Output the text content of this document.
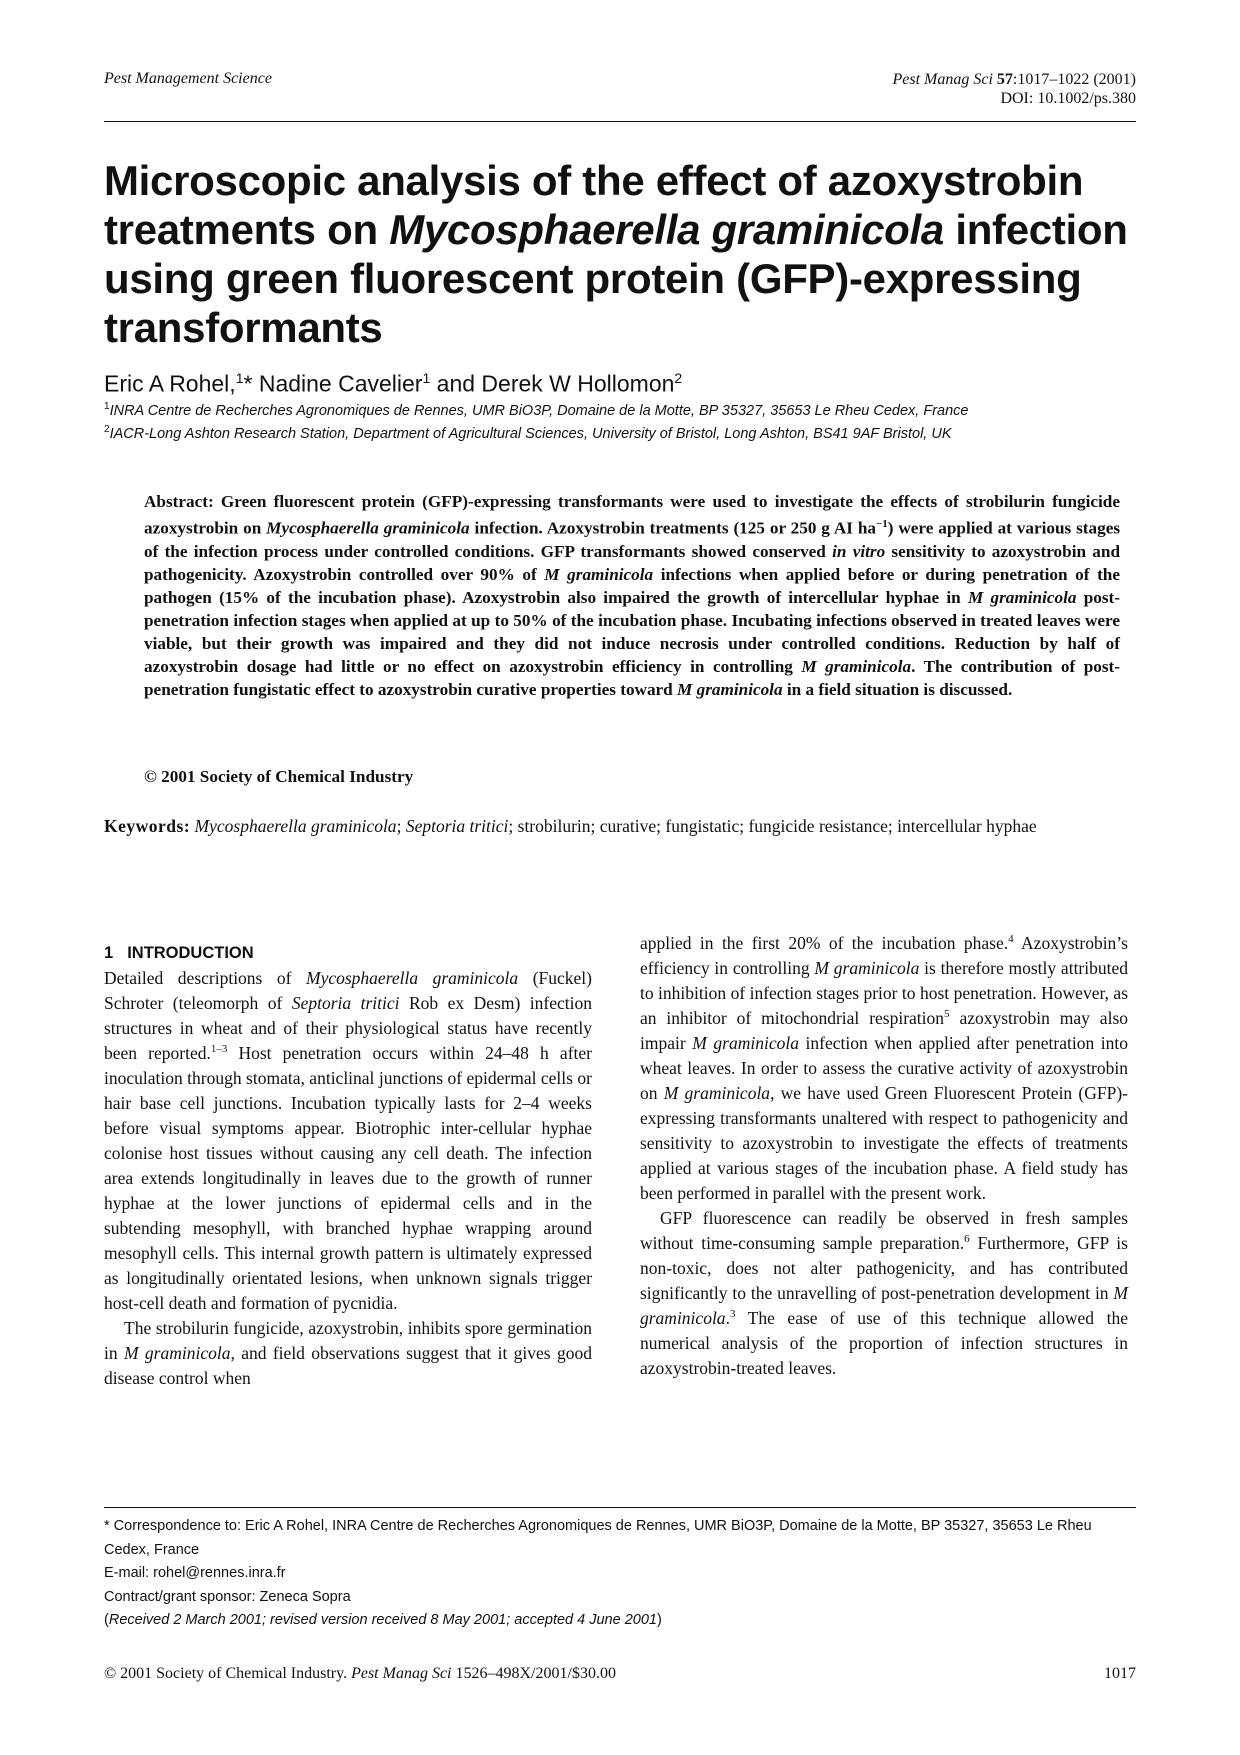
Pest Management Science	Pest Manag Sci 57:1017–1022 (2001)
DOI: 10.1002/ps.380
Microscopic analysis of the effect of azoxystrobin treatments on Mycosphaerella graminicola infection using green fluorescent protein (GFP)-expressing transformants
Eric A Rohel,$^1$* Nadine Cavelier$^1$ and Derek W Hollomon$^2$
$^1$INRA Centre de Recherches Agronomiques de Rennes, UMR BiO3P, Domaine de la Motte, BP 35327, 35653 Le Rheu Cedex, France
$^2$IACR-Long Ashton Research Station, Department of Agricultural Sciences, University of Bristol, Long Ashton, BS41 9AF Bristol, UK

Abstract: Green fluorescent protein (GFP)-expressing transformants were used to investigate the effects of strobilurin fungicide azoxystrobin on Mycosphaerella graminicola infection. Azoxystrobin treatments (125 or 250 g AI $ha^{-1}$) were applied at various stages of the infection process under controlled conditions. GFP transformants showed conserved in vitro sensitivity to azoxystrobin and pathogenicity. Azoxystrobin controlled over 90% of M graminicola infections when applied before or during penetration of the pathogen (15% of the incubation phase). Azoxystrobin also impaired the growth of intercellular hyphae in M graminicola post-penetration infection stages when applied at up to 50% of the incubation phase. Incubating infections observed in treated leaves were viable, but their growth was impaired and they did not induce necrosis under controlled conditions. Reduction by half of azoxystrobin dosage had little or no effect on azoxystrobin efficiency in controlling M graminicola. The contribution of post-penetration fungistatic effect to azoxystrobin curative properties toward M graminicola in a field situation is discussed.

© 2001 Society of Chemical Industry

Keywords: Mycosphaerella graminicola; Septoria tritici; strobilurin; curative; fungistatic; fungicide resistance; intercellular hyphae

1 INTRODUCTION

Detailed descriptions of Mycosphaerella graminicola (Fuckel) Schroter (teleomorph of Septoria tritici Rob ex Desm) infection structures in wheat and of their physiological status have recently been reported.$^{1-3}$ Host penetration occurs within 24–48 h after inoculation through stomata, anticlinal junctions of epidermal cells or hair base cell junctions. Incubation typically lasts for 2–4 weeks before visual symptoms appear. Biotrophic inter-cellular hyphae colonise host tissues without causing any cell death. The infection area extends longitudinally in leaves due to the growth of runner hyphae at the lower junctions of epidermal cells and in the subtending mesophyll, with branched hyphae wrapping around mesophyll cells. This internal growth pattern is ultimately expressed as longitudinally orientated lesions, when unknown signals trigger host-cell death and formation of pycnidia.

The strobilurin fungicide, azoxystrobin, inhibits spore germination in M graminicola, and field observations suggest that it gives good disease control when

applied in the first 20% of the incubation phase.$^4$ Azoxystrobin’s efficiency in controlling M graminicola is therefore mostly attributed to inhibition of infection stages prior to host penetration. However, as an inhibitor of mitochondrial respiration$^5$ azoxystrobin may also impair M graminicola infection when applied after penetration into wheat leaves. In order to assess the curative activity of azoxystrobin on M graminicola, we have used Green Fluorescent Protein (GFP)-expressing transformants unaltered with respect to pathogenicity and sensitivity to azoxystrobin to investigate the effects of treatments applied at various stages of the incubation phase. A field study has been performed in parallel with the present work.

GFP fluorescence can readily be observed in fresh samples without time-consuming sample preparation.$^6$ Furthermore, GFP is non-toxic, does not alter pathogenicity, and has contributed significantly to the unravelling of post-penetration development in M graminicola.$^3$ The ease of use of this technique allowed the numerical analysis of the proportion of infection structures in azoxystrobin-treated leaves.

* Correspondence to: Eric A Rohel, INRA Centre de Recherches Agronomiques de Rennes, UMR BiO3P, Domaine de la Motte, BP 35327, 35653 Le Rheu Cedex, France
E-mail: rohel@rennes.inra.fr
Contract/grant sponsor: Zeneca Sopra
(Received 2 March 2001; revised version received 8 May 2001; accepted 4 June 2001)
© 2001 Society of Chemical Industry. Pest Manag Sci 1526–498X/2001/$30.00	1017
